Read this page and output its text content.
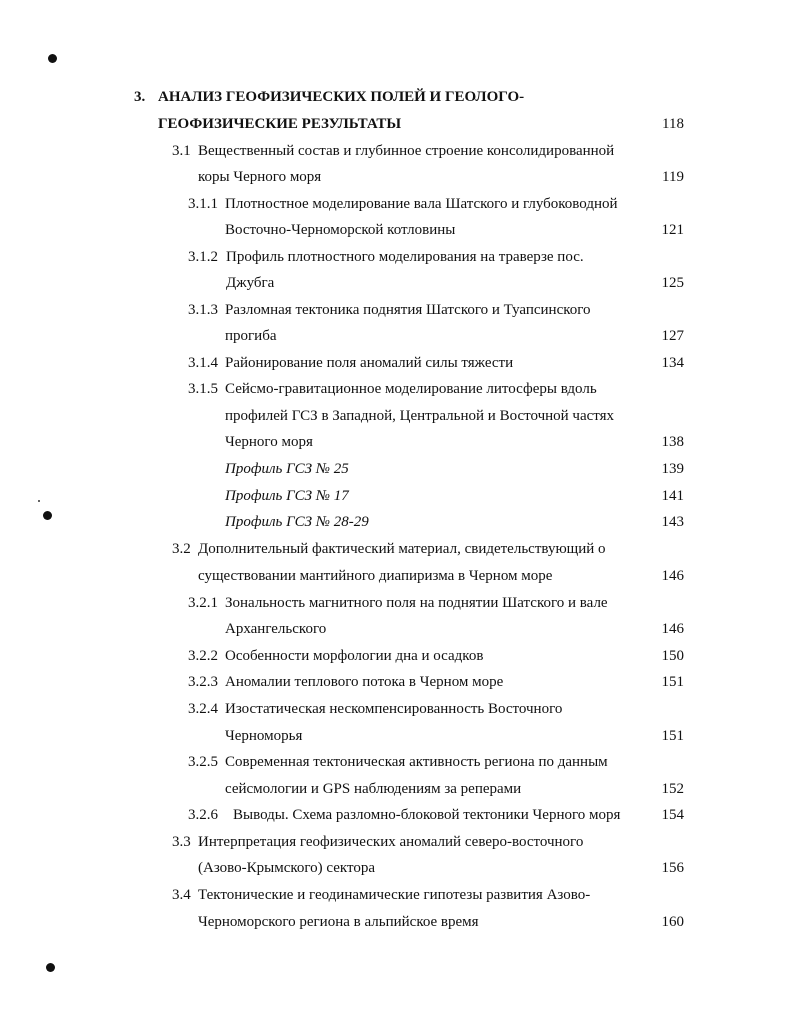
3. АНАЛИЗ ГЕОФИЗИЧЕСКИХ ПОЛЕЙ И ГЕОЛОГО-
ГЕОФИЗИЧЕСКИЕ РЕЗУЛЬТАТЫ	118
3.1 Вещественный состав и глубинное строение консолидированной
коры Черного моря	119
3.1.1 Плотностное моделирование вала Шатского и глубоководной
Восточно-Черноморской котловины	121
3.1.2 Профиль плотностного моделирования на траверзе пос.
Джубга	125
3.1.3 Разломная тектоника поднятия Шатского и Туапсинского
прогиба	127
3.1.4 Районирование поля аномалий силы тяжести	134
3.1.5 Сейсмо-гравитационное моделирование литосферы вдоль
профилей ГСЗ в Западной, Центральной и Восточной частях
Черного моря	138
Профиль ГСЗ № 25	139
Профиль ГСЗ № 17	141
Профиль ГСЗ № 28-29	143
3.2 Дополнительный фактический материал, свидетельствующий о
существовании мантийного диапиризма в Черном море	146
3.2.1 Зональность магнитного поля на поднятии Шатского и вале
Архангельского	146
3.2.2 Особенности морфологии дна и осадков	150
3.2.3 Аномалии теплового потока в Черном море	151
3.2.4 Изостатическая нескомпенсированность Восточного
Черноморья	151
3.2.5 Современная тектоническая активность региона по данным
сейсмологии и GPS наблюдениям за реперами	152
3.2.6 Выводы. Схема разломно-блоковой тектоники Черного моря	154
3.3 Интерпретация геофизических аномалий северо-восточного
(Азово-Крымского) сектора	156
3.4 Тектонические и геодинамические гипотезы развития Азово-
Черноморского региона в альпийское время	160
